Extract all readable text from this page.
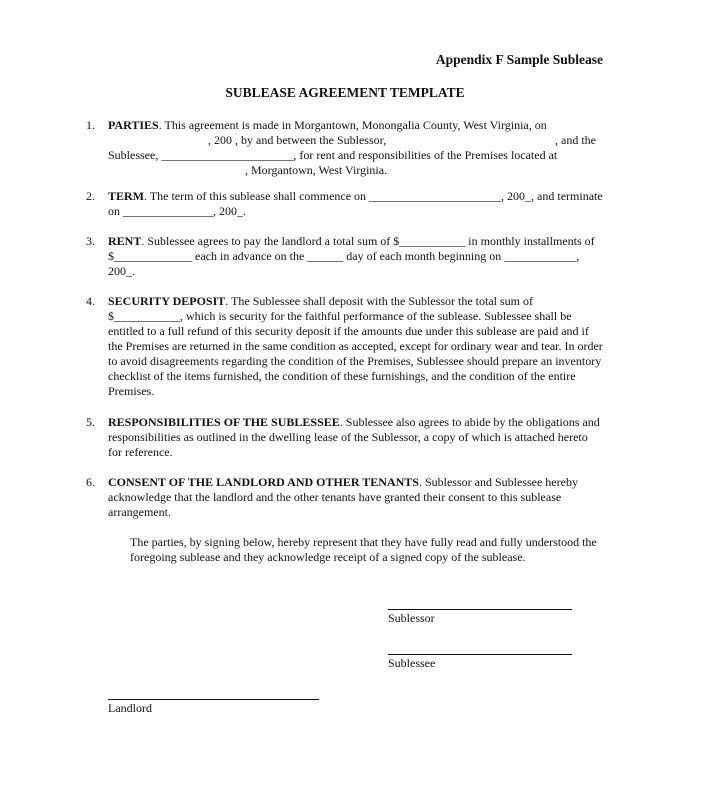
Appendix F Sample Sublease
SUBLEASE AGREEMENT TEMPLATE
1. PARTIES. This agreement is made in Morgantown, Monongalia County, West Virginia, on

, 200 , by and between the Sublessor,	, and the

Sublessee, ______________________, for rent and responsibilities of the Premises located at

, Morgantown, West Virginia.

2. TERM. The term of this sublease shall commence on ______________________, 200_, and terminate on _______________, 200_.

3. RENT. Sublessee agrees to pay the landlord a total sum of $___________ in monthly installments of $_____________ each in advance on the ______ day of each month beginning on ____________, 200_.

4. SECURITY DEPOSIT. The Sublessee shall deposit with the Sublessor the total sum of $___________, which is security for the faithful performance of the sublease. Sublessee shall be entitled to a full refund of this security deposit if the amounts due under this sublease are paid and if the Premises are returned in the same condition as accepted, except for ordinary wear and tear. In order to avoid disagreements regarding the condition of the Premises, Sublessee should prepare an inventory checklist of the items furnished, the condition of these furnishings, and the condition of the entire Premises.

5. RESPONSIBILITIES OF THE SUBLESSEE. Sublessee also agrees to abide by the obligations and responsibilities as outlined in the dwelling lease of the Sublessor, a copy of which is attached hereto for reference.

6. CONSENT OF THE LANDLORD AND OTHER TENANTS. Sublessor and Sublessee hereby acknowledge that the landlord and the other tenants have granted their consent to this sublease arrangement.

The parties, by signing below, hereby represent that they have fully read and fully understood the foregoing sublease and they acknowledge receipt of a signed copy of the sublease.

Sublessor
Sublessee
Landlord
